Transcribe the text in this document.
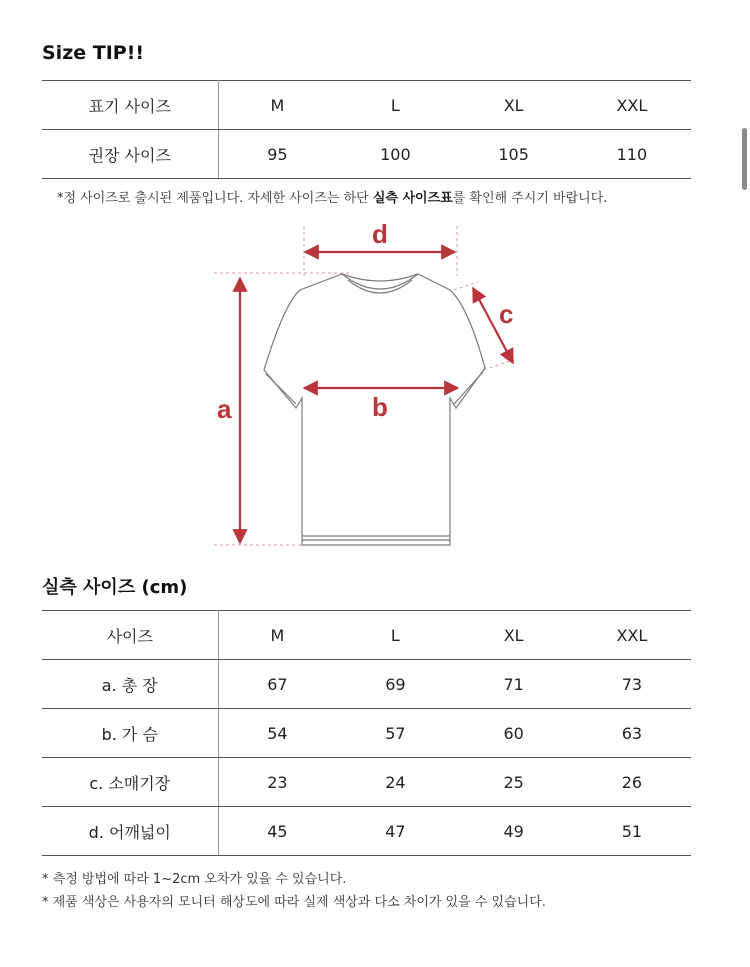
Size TIP!!
표기 사이즈	M	L	XL	XXL
권장 사이즈	95	100	105	110

*정 사이즈로 출시된 제품입니다. 자세한 사이즈는 하단 실측 사이즈표를 확인해 주시기 바랍니다.

a	b
c
d
실측 사이즈 (cm)
사이즈	M	L	XL	XXL
a. 총 장	67	69	71	73
b. 가 슴	54	57	60	63
c. 소매기장	23	24	25	26
d. 어깨넓이	45	47	49	51

* 측정 방법에 따라 1~2cm 오차가 있을 수 있습니다.

* 제품 색상은 사용자의 모니터 해상도에 따라 실제 색상과 다소 차이가 있을 수 있습니다.
